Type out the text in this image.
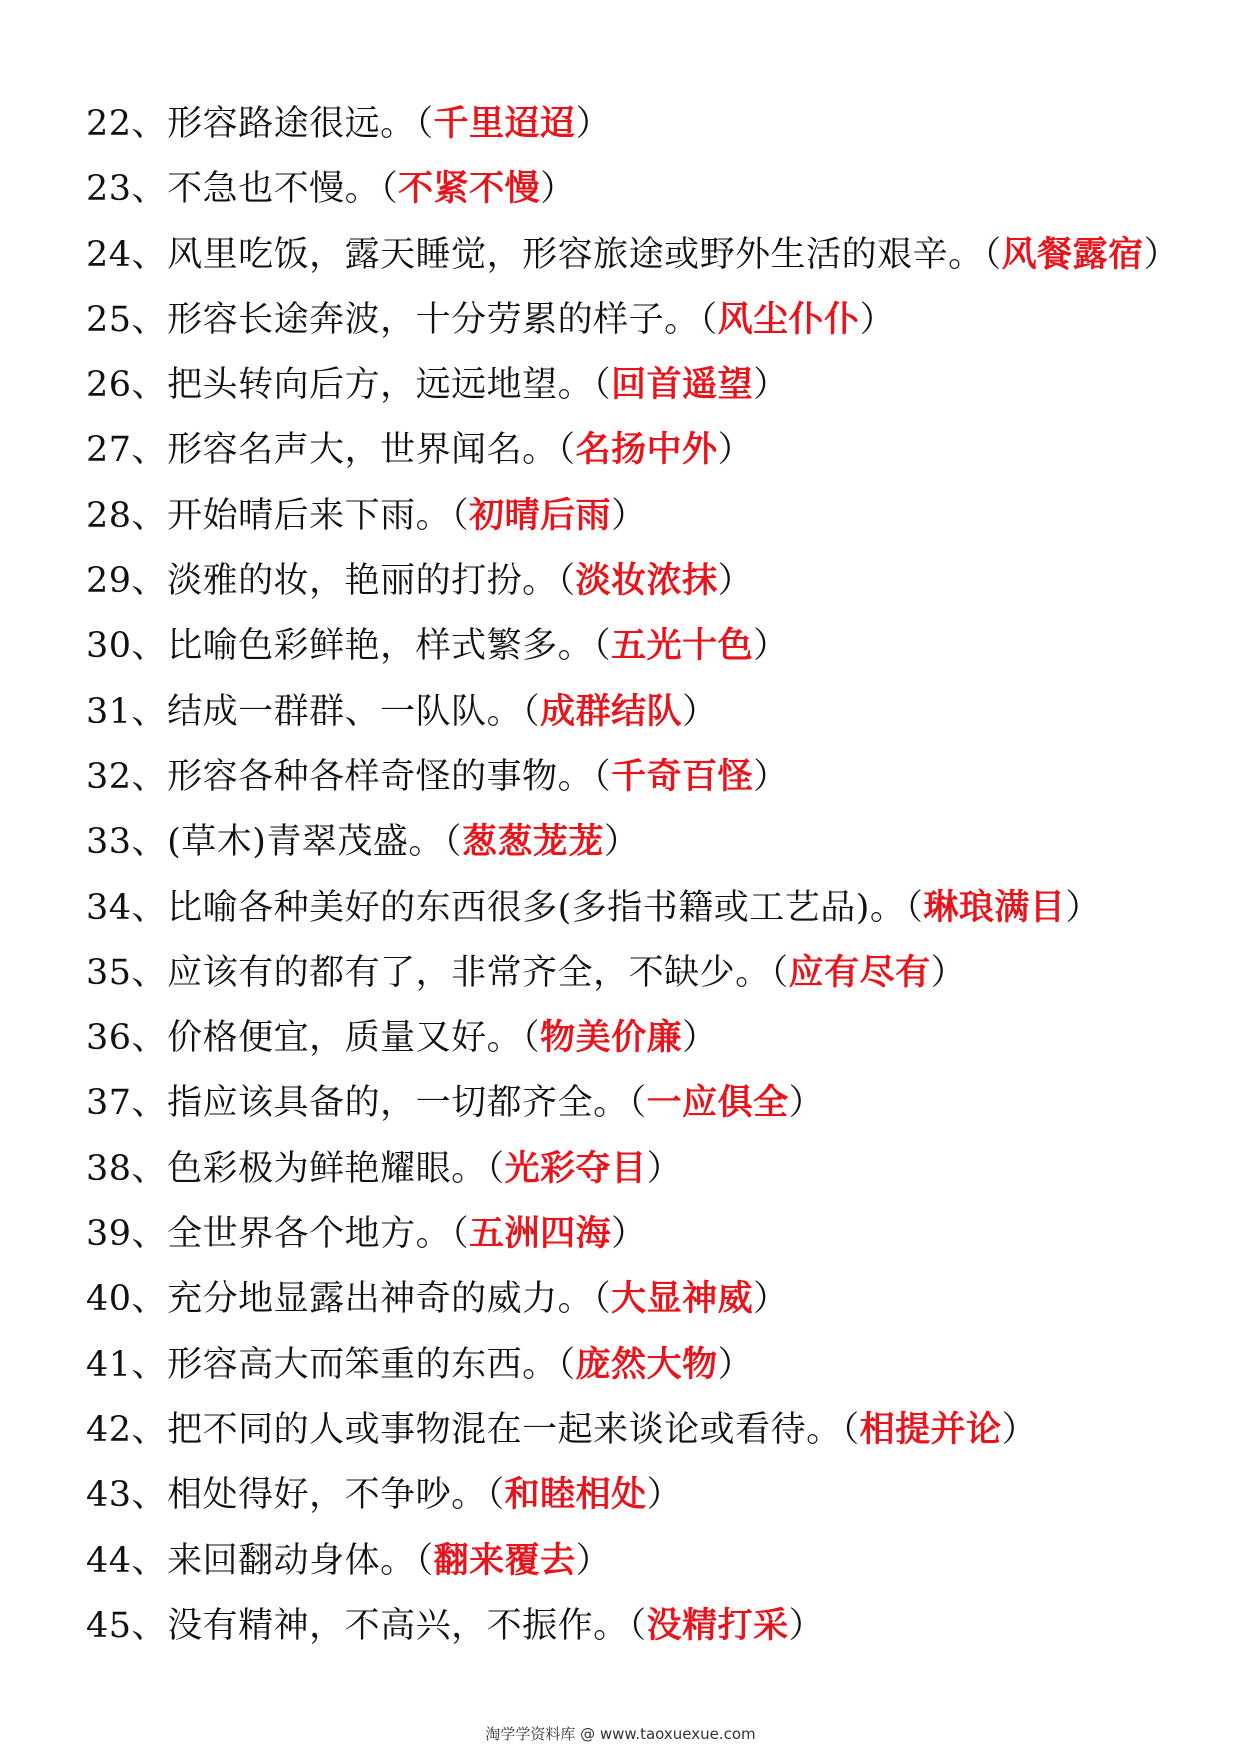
22、形容路途很远。（千里迢迢）
23、不急也不慢。（不紧不慢）
24、风里吃饭，露天睡觉，形容旅途或野外生活的艰辛。（风餐露宿）
25、形容长途奔波，十分劳累的样子。（风尘仆仆）
26、把头转向后方，远远地望。（回首遥望）
27、形容名声大，世界闻名。（名扬中外）
28、开始晴后来下雨。（初晴后雨）
29、淡雅的妆，艳丽的打扮。（淡妆浓抹）
30、比喻色彩鲜艳，样式繁多。（五光十色）
31、结成一群群、一队队。（成群结队）
32、形容各种各样奇怪的事物。（千奇百怪）
33、(草木)青翠茂盛。（葱葱茏茏）
34、比喻各种美好的东西很多(多指书籍或工艺品)。（琳琅满目）
35、应该有的都有了，非常齐全，不缺少。（应有尽有）
36、价格便宜，质量又好。（物美价廉）
37、指应该具备的，一切都齐全。（一应俱全）
38、色彩极为鲜艳耀眼。（光彩夺目）
39、全世界各个地方。（五洲四海）
40、充分地显露出神奇的威力。（大显神威）
41、形容高大而笨重的东西。（庞然大物）
42、把不同的人或事物混在一起来谈论或看待。（相提并论）
43、相处得好，不争吵。（和睦相处）
44、来回翻动身体。（翻来覆去）
45、没有精神，不高兴，不振作。（没精打采）
淘学学资料库 @ www.taoxuexue.com
